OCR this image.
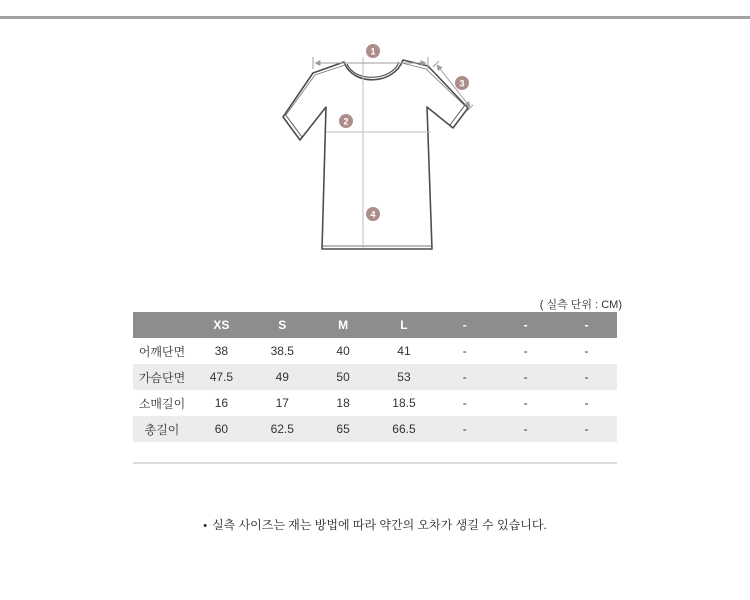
1
2
3
4
( 실측 단위 : CM)
	XS	S	M	L	-	-	-
어깨단면	38	38.5	40	41	-	-	-
가슴단면	47.5	49	50	53	-	-	-
소매길이	16	17	18	18.5	-	-	-
총길이	60	62.5	65	66.5	-	-	-
• 실측 사이즈는 재는 방법에 따라 약간의 오차가 생길 수 있습니다.
